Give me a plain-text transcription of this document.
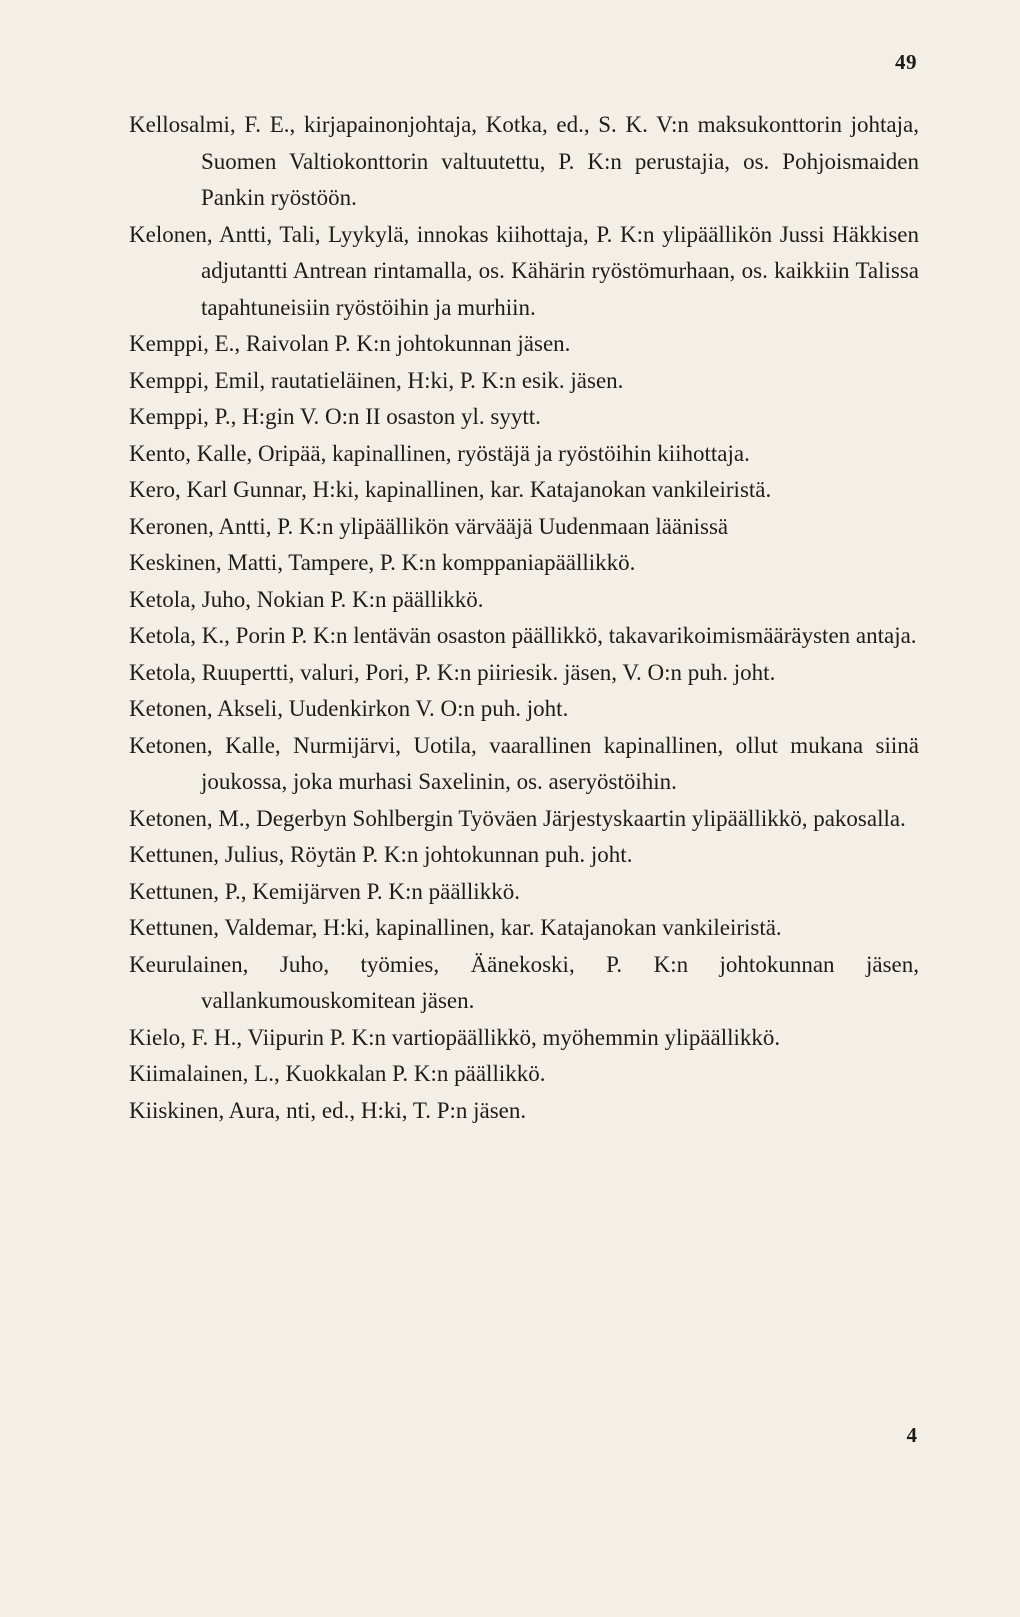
49

Kellosalmi, F. E., kirjapainonjohtaja, Kotka, ed., S. K. V:n maksukonttorin johtaja, Suomen Valtiokonttorin valtuutettu, P. K:n perustajia, os. Pohjoismaiden Pankin ryöstöön.

Kelonen, Antti, Tali, Lyykylä, innokas kiihottaja, P. K:n ylipäällikön Jussi Häkkisen adjutantti Antrean rintamalla, os. Kähärin ryöstömurhaan, os. kaikkiin Talissa tapahtuneisiin ryöstöihin ja murhiin.

Kemppi, E., Raivolan P. K:n johtokunnan jäsen.

Kemppi, Emil, rautatieläinen, H:ki, P. K:n esik. jäsen.

Kemppi, P., H:gin V. O:n II osaston yl. syytt.

Kento, Kalle, Oripää, kapinallinen, ryöstäjä ja ryöstöihin kiihottaja.

Kero, Karl Gunnar, H:ki, kapinallinen, kar. Katajanokan vankileiristä.

Keronen, Antti, P. K:n ylipäällikön värvääjä Uudenmaan läänissä

Keskinen, Matti, Tampere, P. K:n komppaniapäällikkö.

Ketola, Juho, Nokian P. K:n päällikkö.

Ketola, K., Porin P. K:n lentävän osaston päällikkö, takavarikoimismääräysten antaja.

Ketola, Ruupertti, valuri, Pori, P. K:n piiriesik. jäsen, V. O:n puh. joht.

Ketonen, Akseli, Uudenkirkon V. O:n puh. joht.

Ketonen, Kalle, Nurmijärvi, Uotila, vaarallinen kapinallinen, ollut mukana siinä joukossa, joka murhasi Saxelinin, os. aseryöstöihin.

Ketonen, M., Degerbyn Sohlbergin Työväen Järjestyskaartin ylipäällikkö, pakosalla.

Kettunen, Julius, Röytän P. K:n johtokunnan puh. joht.

Kettunen, P., Kemijärven P. K:n päällikkö.

Kettunen, Valdemar, H:ki, kapinallinen, kar. Katajanokan vankileiristä.

Keurulainen, Juho, työmies, Äänekoski, P. K:n johtokunnan jäsen, vallankumouskomitean jäsen.

Kielo, F. H., Viipurin P. K:n vartiopäällikkö, myöhemmin ylipäällikkö.

Kiimalainen, L., Kuokkalan P. K:n päällikkö.

Kiiskinen, Aura, nti, ed., H:ki, T. P:n jäsen.

4
